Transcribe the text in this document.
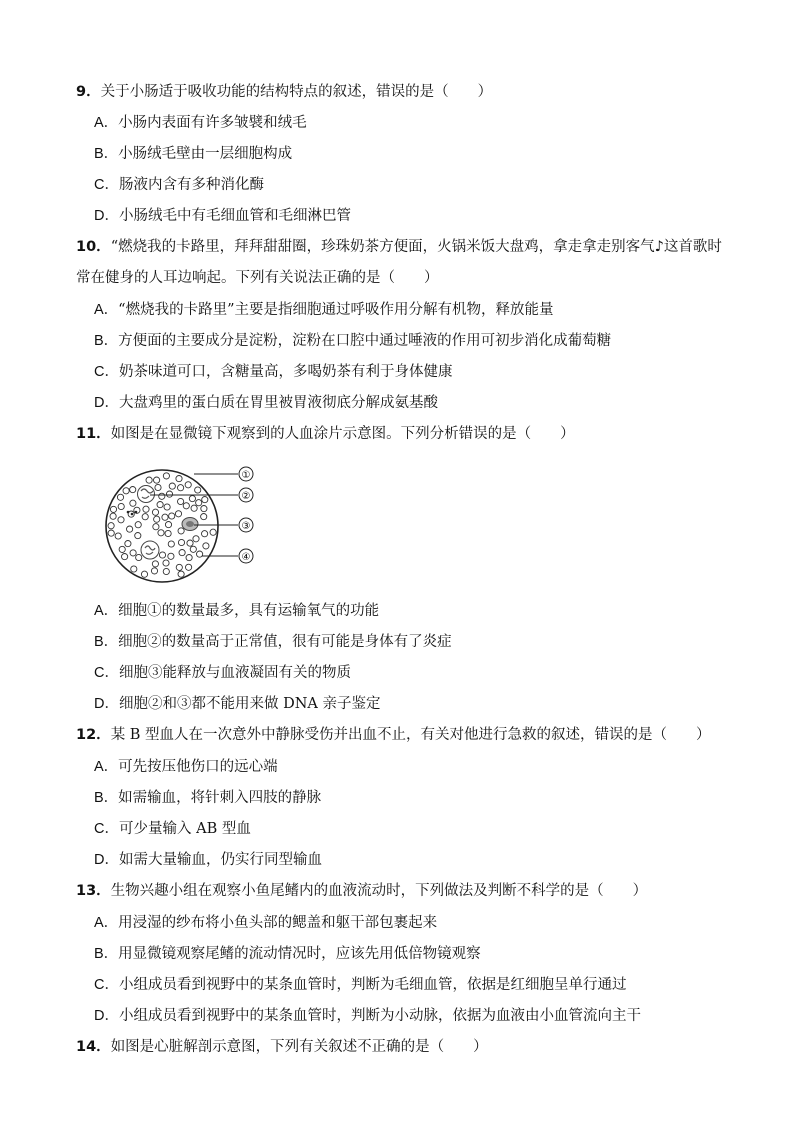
9．关于小肠适于吸收功能的结构特点的叙述，错误的是（　　）
A．小肠内表面有许多皱襞和绒毛
B．小肠绒毛壁由一层细胞构成
C．肠液内含有多种消化酶
D．小肠绒毛中有毛细血管和毛细淋巴管
10．“燃烧我的卡路里，拜拜甜甜圈，珍珠奶茶方便面，火锅米饭大盘鸡，拿走拿走别客气♪这首歌时
常在健身的人耳边响起。下列有关说法正确的是（　　）
A．“燃烧我的卡路里”主要是指细胞通过呼吸作用分解有机物，释放能量
B．方便面的主要成分是淀粉，淀粉在口腔中通过唾液的作用可初步消化成葡萄糖
C．奶茶味道可口，含糖量高，多喝奶茶有利于身体健康
D．大盘鸡里的蛋白质在胃里被胃液彻底分解成氨基酸
11．如图是在显微镜下观察到的人血涂片示意图。下列分析错误的是（　　）
①
②
③
④
A．细胞①的数量最多，具有运输氧气的功能
B．细胞②的数量高于正常值，很有可能是身体有了炎症
C．细胞③能释放与血液凝固有关的物质
D．细胞②和③都不能用来做 DNA 亲子鉴定
12．某 B 型血人在一次意外中静脉受伤并出血不止，有关对他进行急救的叙述，错误的是（　　）
A．可先按压他伤口的远心端
B．如需输血，将针刺入四肢的静脉
C．可少量输入 AB 型血
D．如需大量输血，仍实行同型输血
13．生物兴趣小组在观察小鱼尾鳍内的血液流动时，下列做法及判断不科学的是（　　）
A．用浸湿的纱布将小鱼头部的鳃盖和躯干部包裹起来
B．用显微镜观察尾鳍的流动情况时，应该先用低倍物镜观察
C．小组成员看到视野中的某条血管时，判断为毛细血管，依据是红细胞呈单行通过
D．小组成员看到视野中的某条血管时，判断为小动脉，依据为血液由小血管流向主干
14．如图是心脏解剖示意图，下列有关叙述不正确的是（　　）
